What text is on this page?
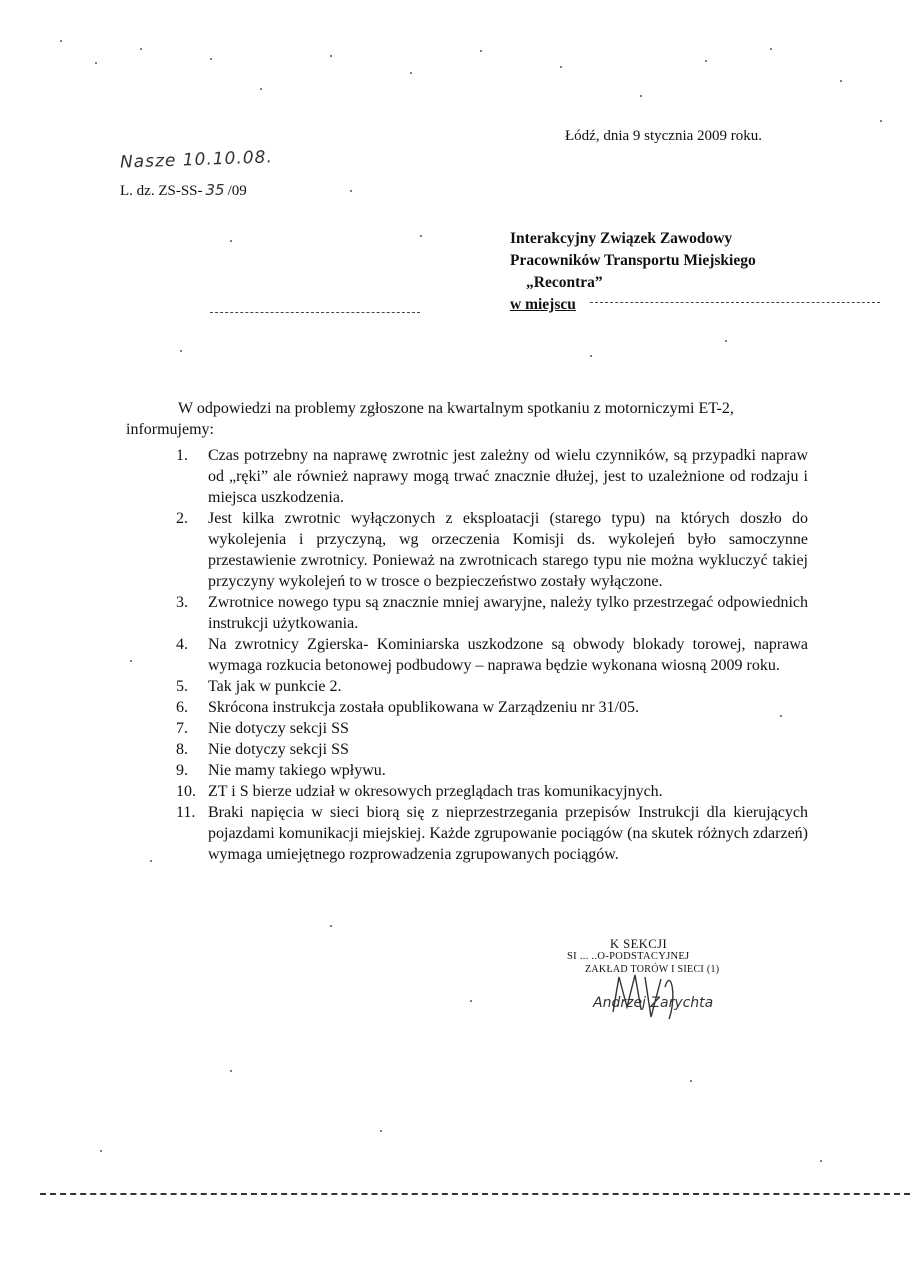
Łódź, dnia 9 stycznia 2009 roku.
Nasze 10.10.08.
L. dz. ZS-SS- 35 /09
Interakcyjny Związek Zawodowy
Pracowników Transportu Miejskiego
„Recontra”
w miejscu
W odpowiedzi na problemy zgłoszone na kwartalnym spotkaniu z motorniczymi ET-2,
informujemy:
1.	Czas potrzebny na naprawę zwrotnic jest zależny od wielu czynników, są przypadki napraw od „ręki” ale również naprawy mogą trwać znacznie dłużej, jest to uzależnione od rodzaju i miejsca uszkodzenia.
2.	Jest kilka zwrotnic wyłączonych z eksploatacji (starego typu) na których doszło do wykolejenia i przyczyną, wg orzeczenia Komisji ds. wykolejeń było samoczynne przestawienie zwrotnicy. Ponieważ na zwrotnicach starego typu nie można wykluczyć takiej przyczyny wykolejeń to w trosce o bezpieczeństwo zostały wyłączone.
3.	Zwrotnice nowego typu są znacznie mniej awaryjne, należy tylko przestrzegać odpowiednich instrukcji użytkowania.
4.	Na zwrotnicy Zgierska- Kominiarska uszkodzone są obwody blokady torowej, naprawa wymaga rozkucia betonowej podbudowy – naprawa będzie wykonana wiosną 2009 roku.
5.	Tak jak w punkcie 2.
6.	Skrócona instrukcja została opublikowana w Zarządzeniu nr 31/05.
7.	Nie dotyczy sekcji SS
8.	Nie dotyczy sekcji SS
9.	Nie mamy takiego wpływu.
10. ZT i S bierze udział w okresowych przeglądach tras komunikacyjnych.
11. Braki napięcia w sieci biorą się z nieprzestrzegania przepisów Instrukcji dla kierujących pojazdami komunikacji miejskiej. Każde zgrupowanie pociągów (na skutek różnych zdarzeń) wymaga umiejętnego rozprowadzenia zgrupowanych pociągów.
K SEKCJI
SI ... ..O-PODSTACYJNEJ
ZAKŁAD TORÓW I SIECI (1)
Andrzej Zarychta
